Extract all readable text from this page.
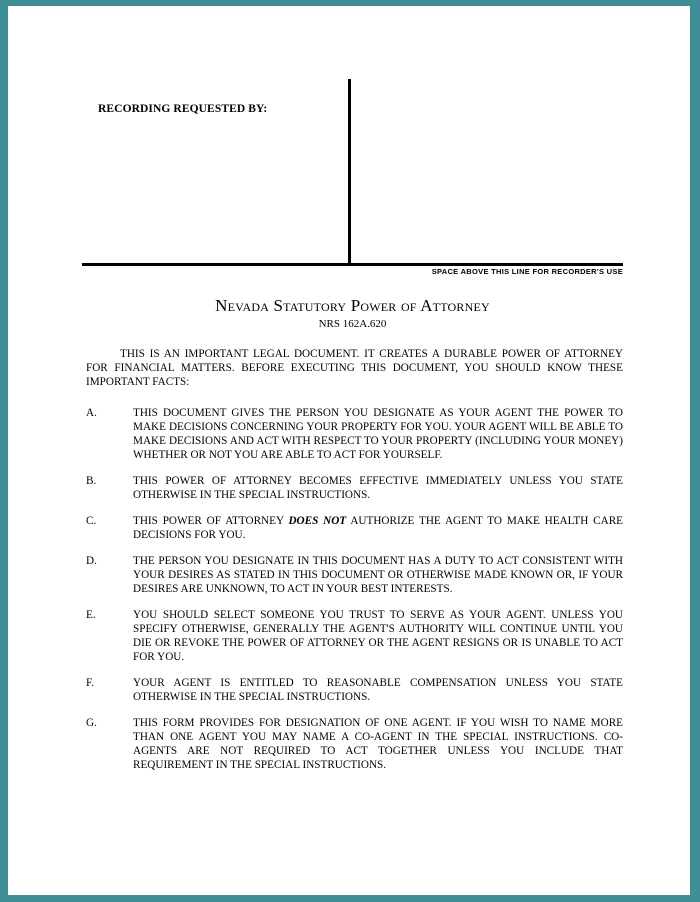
RECORDING REQUESTED BY:
SPACE ABOVE THIS LINE FOR RECORDER'S USE
Nevada Statutory Power of Attorney
NRS 162A.620
THIS IS AN IMPORTANT LEGAL DOCUMENT. IT CREATES A DURABLE POWER OF ATTORNEY FOR FINANCIAL MATTERS. BEFORE EXECUTING THIS DOCUMENT, YOU SHOULD KNOW THESE IMPORTANT FACTS:
A.	THIS DOCUMENT GIVES THE PERSON YOU DESIGNATE AS YOUR AGENT THE POWER TO MAKE DECISIONS CONCERNING YOUR PROPERTY FOR YOU. YOUR AGENT WILL BE ABLE TO MAKE DECISIONS AND ACT WITH RESPECT TO YOUR PROPERTY (INCLUDING YOUR MONEY) WHETHER OR NOT YOU ARE ABLE TO ACT FOR YOURSELF.
B.	THIS POWER OF ATTORNEY BECOMES EFFECTIVE IMMEDIATELY UNLESS YOU STATE OTHERWISE IN THE SPECIAL INSTRUCTIONS.
C.	THIS POWER OF ATTORNEY DOES NOT AUTHORIZE THE AGENT TO MAKE HEALTH CARE DECISIONS FOR YOU.
D.	THE PERSON YOU DESIGNATE IN THIS DOCUMENT HAS A DUTY TO ACT CONSISTENT WITH YOUR DESIRES AS STATED IN THIS DOCUMENT OR OTHERWISE MADE KNOWN OR, IF YOUR DESIRES ARE UNKNOWN, TO ACT IN YOUR BEST INTERESTS.
E.	YOU SHOULD SELECT SOMEONE YOU TRUST TO SERVE AS YOUR AGENT. UNLESS YOU SPECIFY OTHERWISE, GENERALLY THE AGENT'S AUTHORITY WILL CONTINUE UNTIL YOU DIE OR REVOKE THE POWER OF ATTORNEY OR THE AGENT RESIGNS OR IS UNABLE TO ACT FOR YOU.
F.	YOUR AGENT IS ENTITLED TO REASONABLE COMPENSATION UNLESS YOU STATE OTHERWISE IN THE SPECIAL INSTRUCTIONS.
G.	THIS FORM PROVIDES FOR DESIGNATION OF ONE AGENT. IF YOU WISH TO NAME MORE THAN ONE AGENT YOU MAY NAME A CO-AGENT IN THE SPECIAL INSTRUCTIONS. CO-AGENTS ARE NOT REQUIRED TO ACT TOGETHER UNLESS YOU INCLUDE THAT REQUIREMENT IN THE SPECIAL INSTRUCTIONS.
